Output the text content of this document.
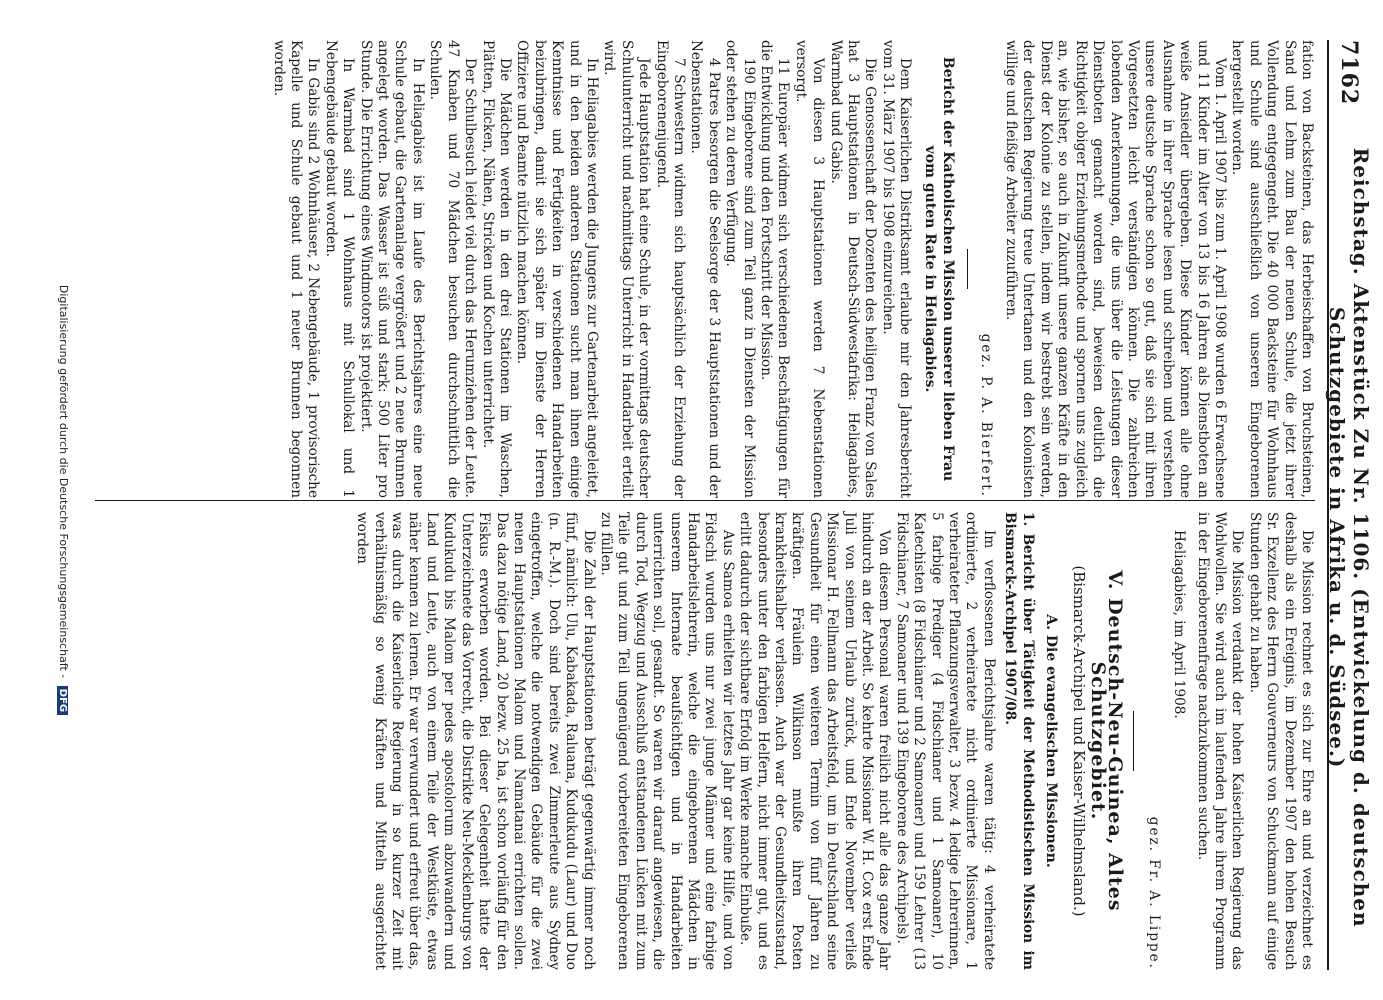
7162
Reichstag. Aktenstück Zu Nr. 1106. (Entwickelung d. deutschen Schutzgebiete in Afrika u. d. Südsee.)

fation von Backsteinen, das Herbeischaffen von Bruchsteinen, Sand und Lehm zum Bau der neuen Schule, die jetzt ihrer Vollendung entgegengeht. Die 40 000 Backsteine für Wohnhaus und Schule sind ausschließlich von unseren Eingeborenen hergestellt worden.

Vom 1. April 1907 bis zum 1. April 1908 wurden 6 Erwachsene und 11 Kinder im Alter von 13 bis 16 Jahren als Dienstboten an weiße Ansiedler übergeben. Diese Kinder können alle ohne Ausnahme in ihrer Sprache lesen und schreiben und verstehen unsere deutsche Sprache schon so gut, daß sie sich mit ihren Vorgesetzten leicht verständigen können. Die zahlreichen lobenden Anerkennungen, die uns über die Leistungen dieser Dienstboten gemacht worden sind, beweisen deutlich die Richtigkeit obiger Erziehungsmethode und spornen uns zugleich an, wie bisher, so auch in Zukunft unsere ganzen Kräfte in den Dienst der Kolonie zu stellen, indem wir bestrebt sein werden, der deutschen Regierung treue Untertanen und den Kolonisten willige und fleißige Arbeiter zuzuführen.

gez. P. A. Bierfert.
Bericht der Katholischen Mission unserer lieben Frau vom guten Rate in Heliagabies.

Dem Kaiserlichen Distriktsamt erlaube mir den Jahresbericht vom 31. März 1907 bis 1908 einzureichen.

Die Genossenschaft der Dozenten des heiligen Franz von Sales hat 3 Hauptstationen in Deutsch-Südwestafrika: Heliagabies, Warmbad und Gabis.

Von diesen 3 Hauptstationen werden 7 Nebenstationen versorgt.

11 Europäer widmen sich verschiedenen Beschäftigungen für die Entwicklung und den Fortschritt der Mission.

190 Eingeborene sind zum Teil ganz in Diensten der Mission oder stehen zu deren Verfügung.

4 Patres besorgen die Seelsorge der 3 Hauptstationen und der Nebenstationen.

7 Schwestern widmen sich hauptsächlich der Erziehung der Eingeborenenjugend.

Jede Hauptstation hat eine Schule, in der vormittags deutscher Schulunterricht und nachmittags Unterricht in Handarbeit erteilt wird.

In Heliagabies werden die Jungens zur Gartenarbeit angeleitet, und in den beiden anderen Stationen sucht man ihnen einige Kenntnisse und Fertigkeiten in verschiedenen Handarbeiten beizubringen, damit sie sich später im Dienste der Herren Offiziere und Beamte nützlich machen können.

Die Mädchen werden in den drei Stationen im Waschen, Plätten, Flicken, Nähen, Stricken und Kochen unterrichtet.

Der Schulbesuch leidet viel durch das Herumziehen der Leute. 47 Knaben und 70 Mädchen besuchen durchschnittlich die Schulen.

In Heliagabies ist im Laufe des Berichtsjahres eine neue Schule gebaut, die Gartenanlage vergrößert und 2 neue Brunnen angelegt worden. Das Wasser ist süß und stark: 500 Liter pro Stunde. Die Errichtung eines Windmotors ist projektiert.

In Warmbad sind 1 Wohnhaus mit Schullokal und 1 Nebengebäude gebaut worden.

In Gabis sind 2 Wohnhäuser, 2 Nebengebäude, 1 provisorische Kapelle und Schule gebaut und 1 neuer Brunnen begonnen worden.

Die Mission rechnet es sich zur Ehre an und verzeichnet es deshalb als ein Ereignis, im Dezember 1907 den hohen Besuch Sr. Exzellenz des Herrn Gouverneurs von Schuckmann auf einige Stunden gehabt zu haben.

Die Mission verdankt der hohen Kaiserlichen Regierung das Wohlwollen. Sie wird auch im laufenden Jahre ihrem Programm in der Eingeborenenfrage nachzukommen suchen.

Heliagabies, im April 1908.
gez. Fr. A. Lippe.
V. Deutsch-Neu-Guinea, Altes Schutzgebiet.
(Bismarck-Archipel und Kaiser-Wilhelmsland.)
A. Die evangelischen Missionen.

1. Bericht über Tätigkeit der Methodistischen Mission im Bismarck-Archipel 1907/08.

Im verflossenen Berichtsjahre waren tätig: 4 verheiratete ordinierte, 2 verheiratete nicht ordinierte Missionare, 1 verheirateter Pflanzungsverwalter, 3 bezw. 4 ledige Lehrerinnen, 5 farbige Prediger (4 Fidschianer und 1 Samoaner), 10 Katechisten (8 Fidschianer und 2 Samoaner) und 159 Lehrer (13 Fidschianer, 7 Samoaner und 139 Eingeborene des Archipels).

Von diesem Personal waren freilich nicht alle das ganze Jahr hindurch an der Arbeit. So kehrte Missionar W. H. Cox erst Ende Juli von seinem Urlaub zurück, und Ende November verließ Missionar H. Fellmann das Arbeitsfeld, um in Deutschland seine Gesundheit für einen weiteren Termin von fünf Jahren zu kräftigen. Fräulein Wilkinson mußte ihren Posten krankheitshalber verlassen. Auch war der Gesundheitszustand, besonders unter den farbigen Helfern, nicht immer gut, und es erlitt dadurch der sichtbare Erfolg im Werke manche Einbuße.

Aus Samoa erhielten wir letztes Jahr gar keine Hilfe, und von Fidschi wurden uns nur zwei junge Männer und eine farbige Handarbeitslehrerin, welche die eingeborenen Mädchen in unserem Internate beaufsichtigen und in Handarbeiten unterrichten soll, gesandt. So waren wir darauf angewiesen, die durch Tod, Wegzug und Ausschluß entstandenen Lücken mit zum Teile gut und zum Teil ungenügend vorbereiteten Eingeborenen zu füllen.

Die Zahl der Hauptstationen beträgt gegenwärtig immer noch fünf, nämlich: Ulu, Kabakada, Raluana, Kudukudu (Laur) und Duo (n. R.-M.). Doch sind bereits zwei Zimmerleute aus Sydney eingetroffen, welche die notwendigen Gebäude für die zwei neuen Hauptstationen Malom und Namatanai errichten sollen. Das dazu nötige Land, 20 bezw. 25 ha, ist schon vorläufig für den Fiskus erworben worden. Bei dieser Gelegenheit hatte der Unterzeichnete das Vorrecht, die Distrikte Neu-Mecklenburgs von Kudukudu bis Malom per pedes apostolorum abzuwandern und Land und Leute, auch von einem Teile der Westküste, etwas näher kennen zu lernen. Er war verwundert und erfreut über das, was durch die Kaiserliche Regierung in so kurzer Zeit mit verhältnismäßig so wenig Kräften und Mitteln ausgerichtet worden

Digitalisierung gefördert durch die Deutsche Forschungsgemeinschaft - DFG
